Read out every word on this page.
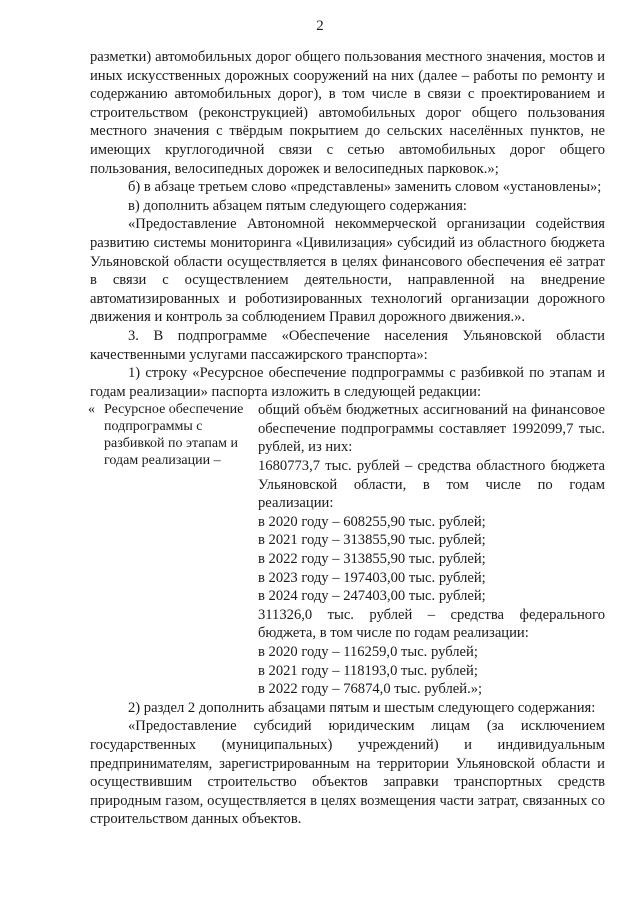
2

разметки) автомобильных дорог общего пользования местного значения, мостов и иных искусственных дорожных сооружений на них (далее – работы по ремонту и содержанию автомобильных дорог), в том числе в связи с проектированием и строительством (реконструкцией) автомобильных дорог общего пользования местного значения с твёрдым покрытием до сельских населённых пунктов, не имеющих круглогодичной связи с сетью автомобильных дорог общего пользования, велосипедных дорожек и велосипедных парковок.»;

б) в абзаце третьем слово «представлены» заменить словом «установлены»;

в) дополнить абзацем пятым следующего содержания:

«Предоставление Автономной некоммерческой организации содействия развитию системы мониторинга «Цивилизация» субсидий из областного бюджета Ульяновской области осуществляется в целях финансового обеспечения её затрат в связи с осуществлением деятельности, направленной на внедрение автоматизированных и роботизированных технологий организации дорожного движения и контроль за соблюдением Правил дорожного движения.».

3. В подпрограмме «Обеспечение населения Ульяновской области качественными услугами пассажирского транспорта»:

1) строку «Ресурсное обеспечение подпрограммы с разбивкой по этапам и годам реализации» паспорта изложить в следующей редакции:

« Ресурсное обеспечение подпрограммы с разбивкой по этапам и годам реализации –

общий объём бюджетных ассигнований на финансовое обеспечение подпрограммы составляет 1992099,7 тыс. рублей, из них:

1680773,7 тыс. рублей – средства областного бюджета Ульяновской области, в том числе по годам реализации:

в 2020 году – 608255,90 тыс. рублей;

в 2021 году – 313855,90 тыс. рублей;

в 2022 году – 313855,90 тыс. рублей;

в 2023 году – 197403,00 тыс. рублей;

в 2024 году – 247403,00 тыс. рублей;

311326,0 тыс. рублей – средства федерального бюджета, в том числе по годам реализации:

в 2020 году – 116259,0 тыс. рублей;

в 2021 году – 118193,0 тыс. рублей;

в 2022 году – 76874,0 тыс. рублей.»;

2) раздел 2 дополнить абзацами пятым и шестым следующего содержания:

«Предоставление субсидий юридическим лицам (за исключением государственных (муниципальных) учреждений) и индивидуальным предпринимателям, зарегистрированным на территории Ульяновской области и осуществившим строительство объектов заправки транспортных средств природным газом, осуществляется в целях возмещения части затрат, связанных со строительством данных объектов.
